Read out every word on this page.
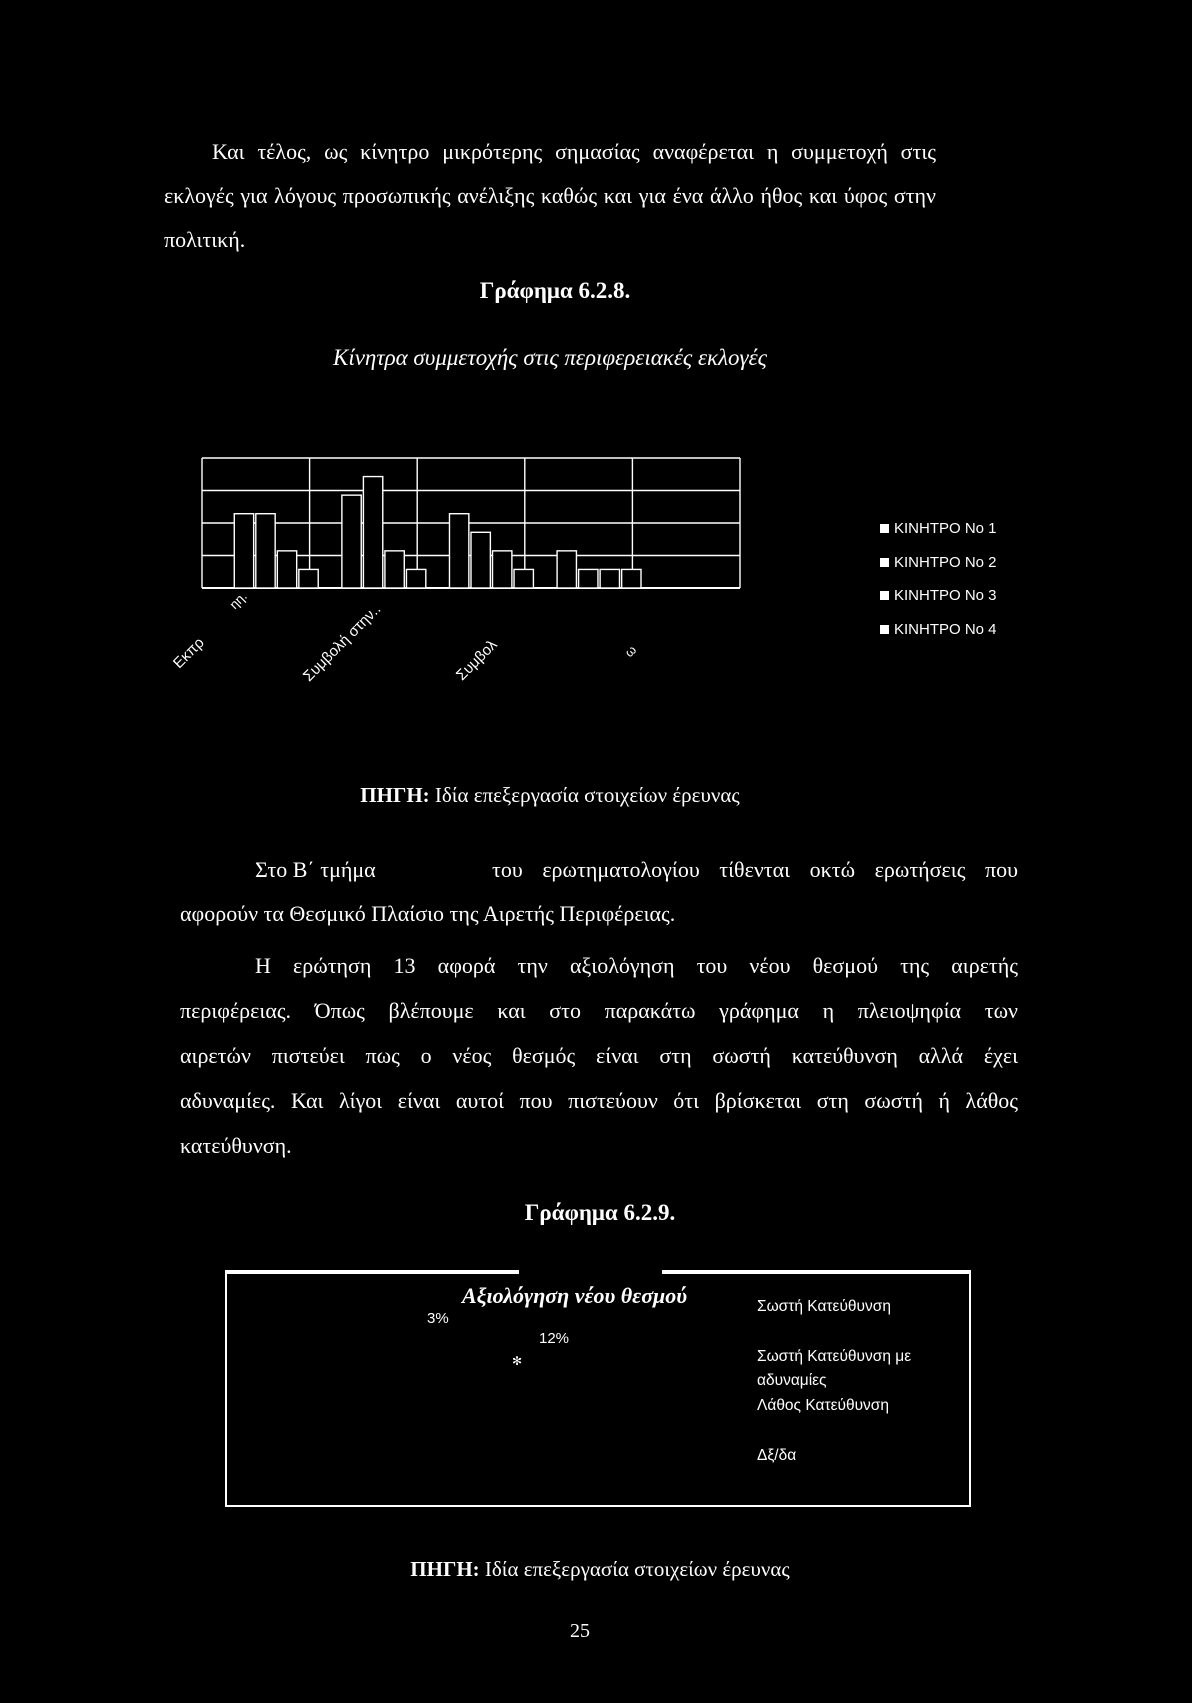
Και τέλος, ως κίνητρο μικρότερης σημασίας αναφέρεται η συμμετοχή στις
εκλογές για λόγους προσωπικής ανέλιξης καθώς και για ένα άλλο ήθος και ύφος στην
πολιτική.
Γράφημα 6.2.8.
Κίνητρα συμμετοχής στις περιφερειακές εκλογές
Εκπρ
ηη.
Συμβολή στην..	Συμβολ	ω
ΚΙΝΗΤΡΟ Νο 1
ΚΙΝΗΤΡΟ Νο 2
ΚΙΝΗΤΡΟ Νο 3
ΚΙΝΗΤΡΟ Νο 4
ΠΗΓΗ: Ιδία επεξεργασία στοιχείων έρευνας
Στο Β΄ τμήμα	του ερωτηματολογίου τίθενται οκτώ ερωτήσεις που
αφορούν τα Θεσμικό Πλαίσιο της Αιρετής Περιφέρειας.
Η ερώτηση 13 αφορά την αξιολόγηση του νέου θεσμού της αιρετής
περιφέρειας. Όπως βλέπουμε και στο παρακάτω γράφημα η πλειοψηφία των
αιρετών πιστεύει πως ο νέος θεσμός είναι στη σωστή κατεύθυνση αλλά έχει
αδυναμίες. Και λίγοι είναι αυτοί που πιστεύουν ότι βρίσκεται στη σωστή ή λάθος
κατεύθυνση.
Γράφημα 6.2.9.
Αξιολόγηση νέου θεσμού
3%
12%
✻
Σωστή Κατεύθυνση
Σωστή Κατεύθυνση με
αδυναμίες
Λάθος Κατεύθυνση
Δξ/δα
ΠΗΓΗ: Ιδία επεξεργασία στοιχείων έρευνας
25
